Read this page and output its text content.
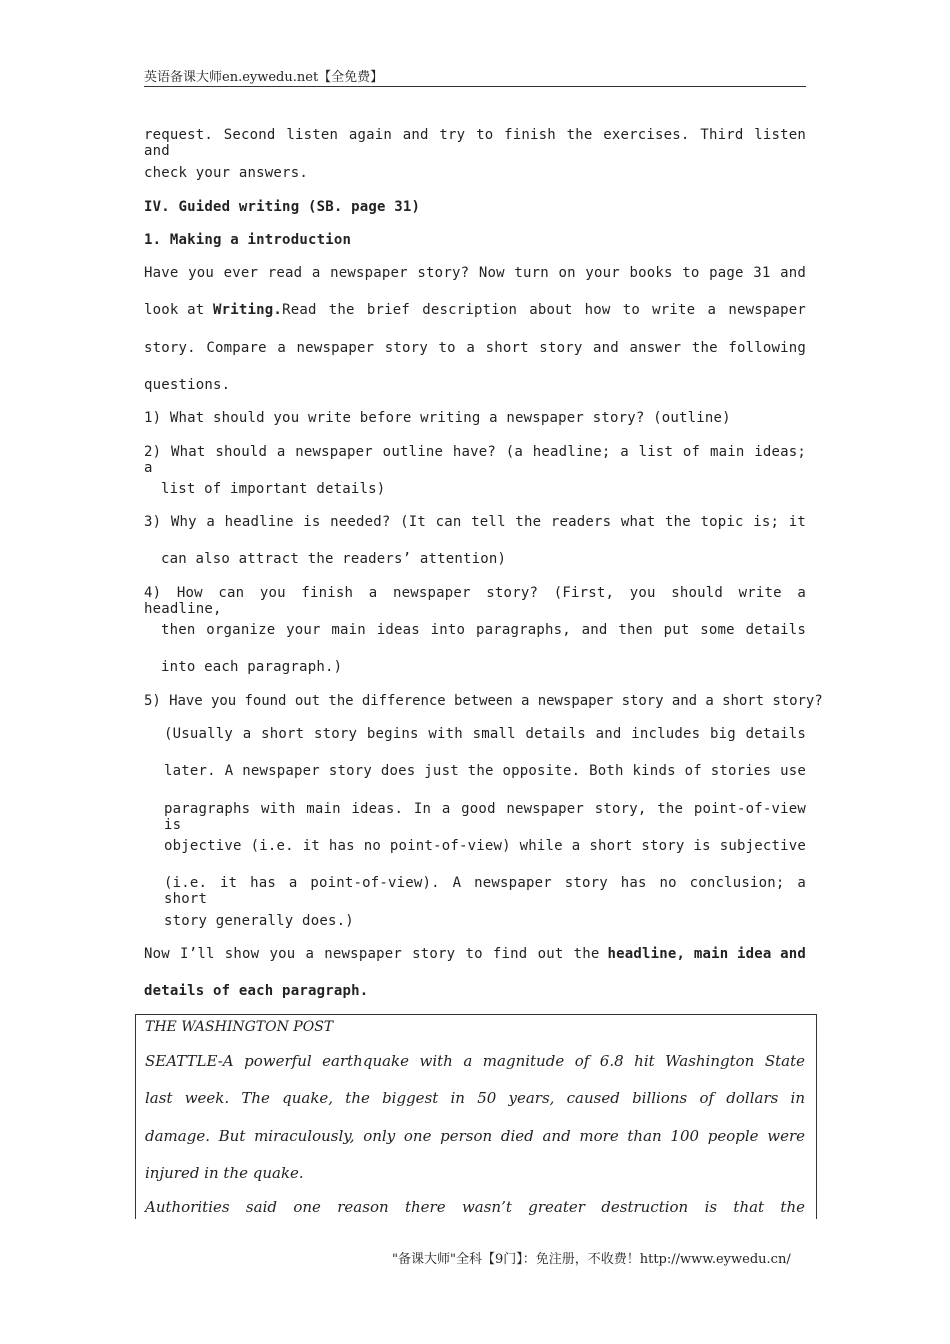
英语备课大师en.eywedu.net【全免费】
request. Second listen again and try to finish the exercises. Third listen and
check your answers.
IV. Guided writing (SB. page 31)
1. Making a introduction
Have you ever read a newspaper story? Now turn on your books to page 31 and
look at Writing. Read the brief description about how to write a newspaper
story. Compare a newspaper story to a short story and answer the following
questions.
1) What should you write before writing a newspaper story? (outline)
2) What should a newspaper outline have? (a headline; a list of main ideas; a
list of important details)
3) Why a headline is needed? (It can tell the readers what the topic is; it
can also attract the readers’ attention)
4) How can you finish a newspaper story? (First, you should write a headline,
then organize your main ideas into paragraphs, and then put some details
into each paragraph.)
5) Have you found out the difference between a newspaper story and a short story?
(Usually a short story begins with small details and includes big details
later. A newspaper story does just the opposite. Both kinds of stories use
paragraphs with main ideas. In a good newspaper story, the point-of-view is
objective (i.e. it has no point-of-view) while a short story is subjective
(i.e. it has a point-of-view). A newspaper story has no conclusion; a short
story generally does.)
Now I’ll show you a newspaper story to find out the headline, main idea and
details of each paragraph.
THE WASHINGTON POST
SEATTLE-A powerful earthquake with a magnitude of 6.8 hit Washington State
last week. The quake, the biggest in 50 years, caused billions of dollars in
damage. But miraculously, only one person died and more than 100 people were
injured in the quake.
Authorities said one reason there wasn’t greater destruction is that the
"备课大师"全科【9门】：免注册，不收费！http://www.eywedu.cn/
